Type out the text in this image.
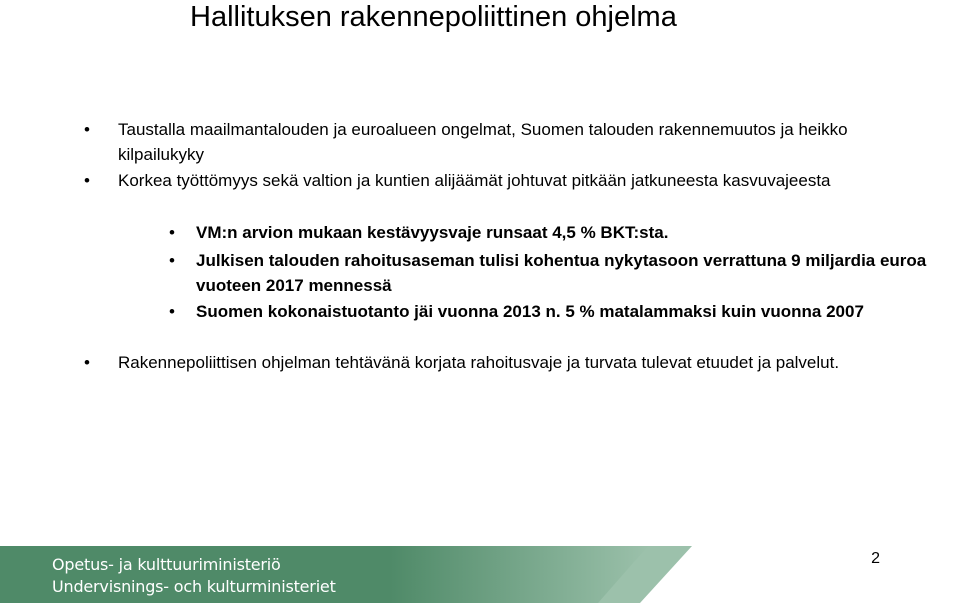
Hallituksen rakennepoliittinen ohjelma
• Taustalla maailmantalouden ja euroalueen ongelmat, Suomen talouden rakennemuutos ja heikko kilpailukyky
• Korkea työttömyys sekä valtion ja kuntien alijäämät johtuvat pitkään jatkuneesta kasvuvajeesta
• VM:n arvion mukaan kestävyysvaje runsaat 4,5 % BKT:sta.
• Julkisen talouden rahoitusaseman tulisi kohentua nykytasoon verrattuna 9 miljardia euroa vuoteen 2017 mennessä
• Suomen kokonaistuotanto jäi vuonna 2013 n. 5 % matalammaksi kuin vuonna 2007
• Rakennepoliittisen ohjelman tehtävänä korjata rahoitusvaje ja turvata tulevat etuudet ja palvelut.
Opetus- ja kulttuuriministeriö
Undervisnings- och kulturministeriet
2
